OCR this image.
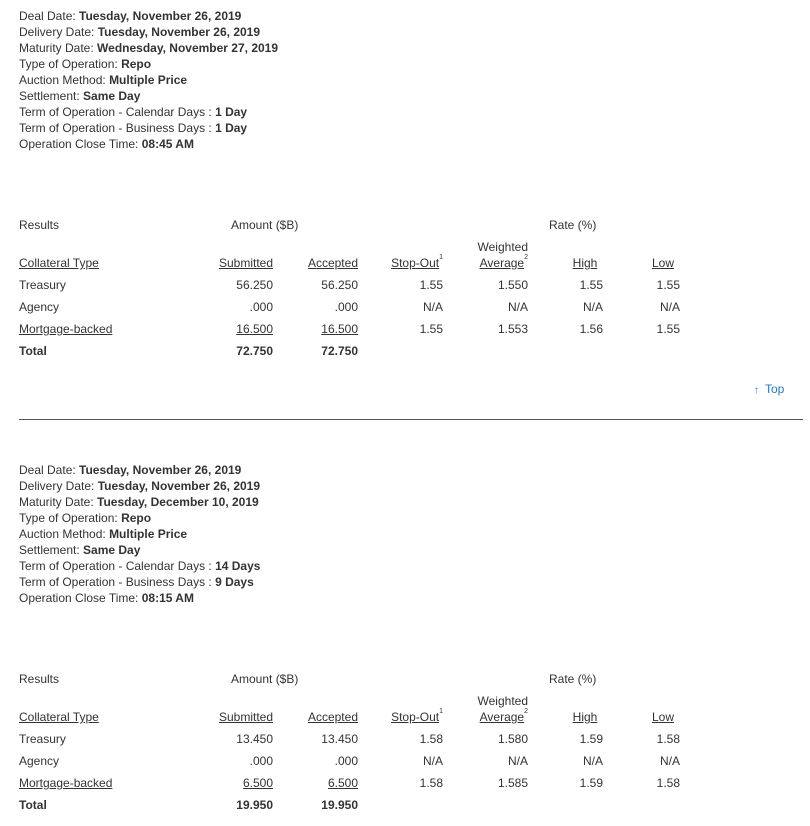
Deal Date: Tuesday, November 26, 2019
Delivery Date: Tuesday, November 26, 2019
Maturity Date: Wednesday, November 27, 2019
Type of Operation: Repo
Auction Method: Multiple Price
Settlement: Same Day
Term of Operation - Calendar Days : 1 Day
Term of Operation - Business Days : 1 Day
Operation Close Time: 08:45 AM
Results	Amount ($B)	Rate (%)
Weighted
Collateral Type	Submitted	Accepted	Stop-Out$^1$	Average$^2$	High	Low
Treasury	56.250	56.250	1.55	1.550	1.55	1.55
Agency	.000	.000	N/A	N/A	N/A	N/A
Mortgage-backed	16.500	16.500	1.55	1.553	1.56	1.55
Total	72.750	72.750
↑ Top
Deal Date: Tuesday, November 26, 2019
Delivery Date: Tuesday, November 26, 2019
Maturity Date: Tuesday, December 10, 2019
Type of Operation: Repo
Auction Method: Multiple Price
Settlement: Same Day
Term of Operation - Calendar Days : 14 Days
Term of Operation - Business Days : 9 Days
Operation Close Time: 08:15 AM
Results	Amount ($B)	Rate (%)
Weighted
Collateral Type	Submitted	Accepted	Stop-Out$^1$	Average$^2$	High	Low
Treasury	13.450	13.450	1.58	1.580	1.59	1.58
Agency	.000	.000	N/A	N/A	N/A	N/A
Mortgage-backed	6.500	6.500	1.58	1.585	1.59	1.58
Total	19.950	19.950
